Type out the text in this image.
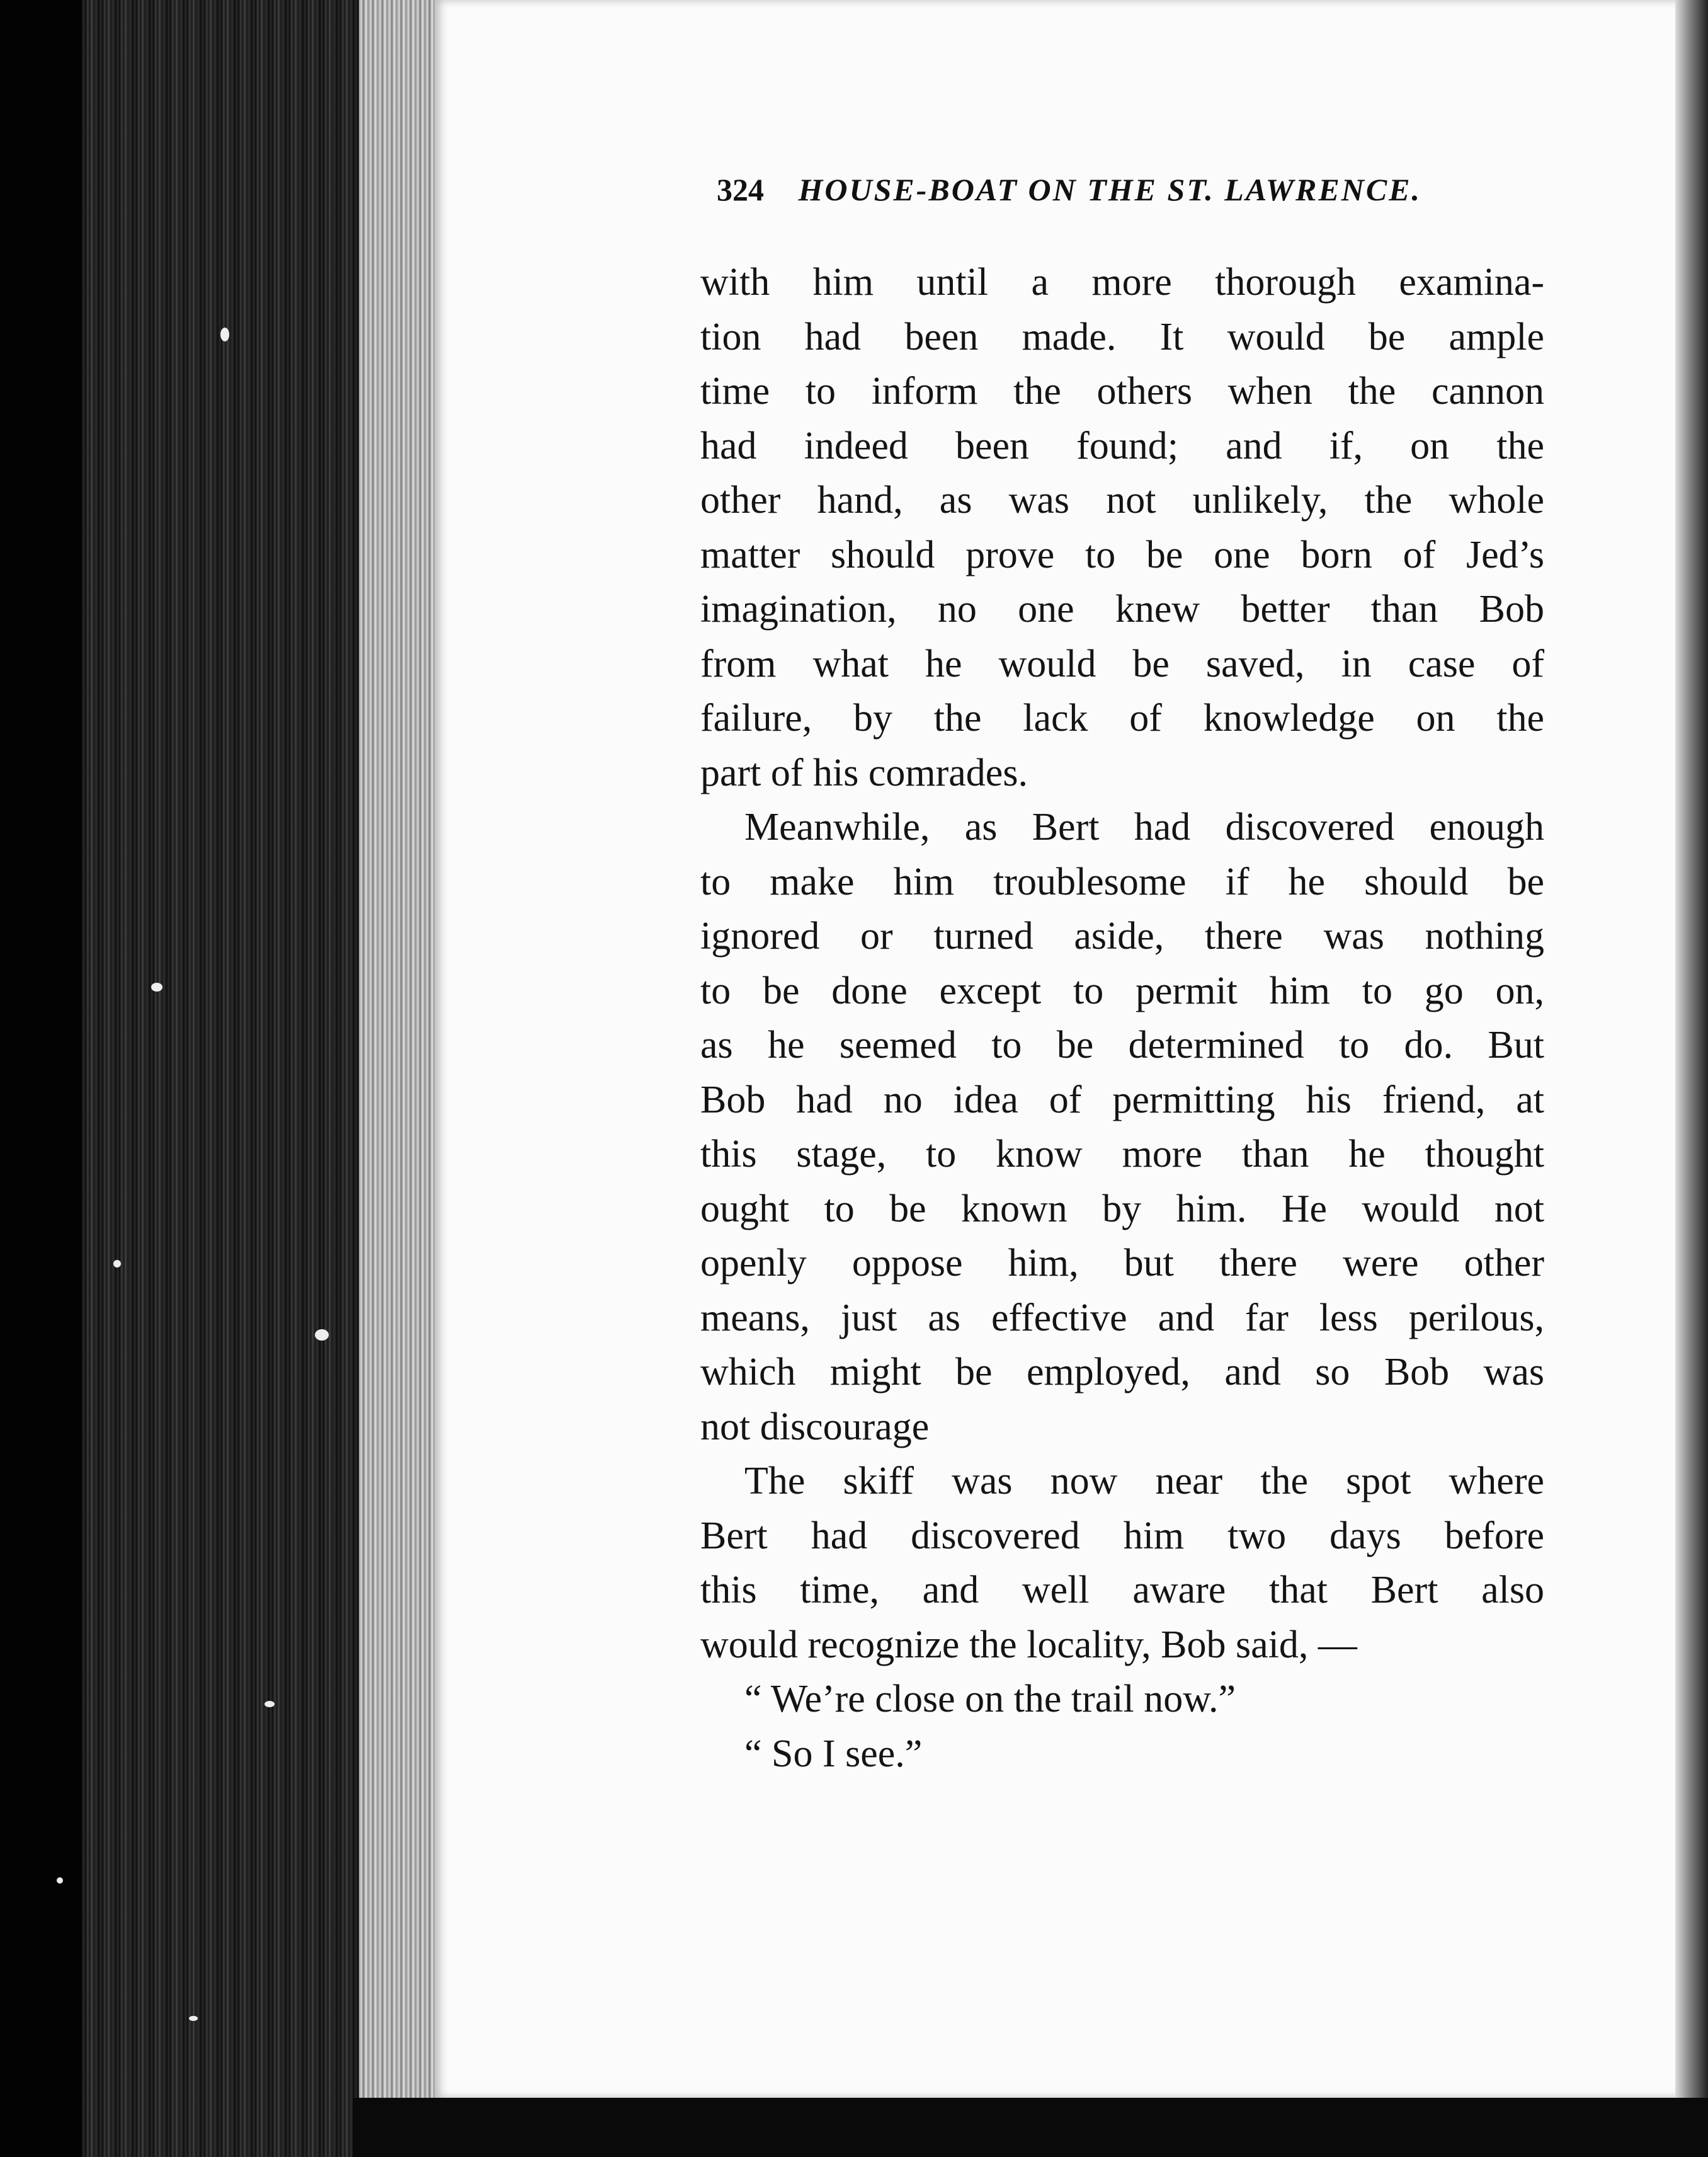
324 HOUSE-BOAT ON THE ST. LAWRENCE.
with him until a more thorough examina-
tion had been made. It would be ample
time to inform the others when the cannon
had indeed been found; and if, on the
other hand, as was not unlikely, the whole
matter should prove to be one born of Jed’s
imagination, no one knew better than Bob
from what he would be saved, in case of
failure, by the lack of knowledge on the
part of his comrades.
Meanwhile, as Bert had discovered enough
to make him troublesome if he should be
ignored or turned aside, there was nothing
to be done except to permit him to go on,
as he seemed to be determined to do. But
Bob had no idea of permitting his friend, at
this stage, to know more than he thought
ought to be known by him. He would not
openly oppose him, but there were other
means, just as effective and far less perilous,
which might be employed, and so Bob was
not discourage
The skiff was now near the spot where
Bert had discovered him two days before
this time, and well aware that Bert also
would recognize the locality, Bob said, —
“ We’re close on the trail now.”
“ So I see.”
